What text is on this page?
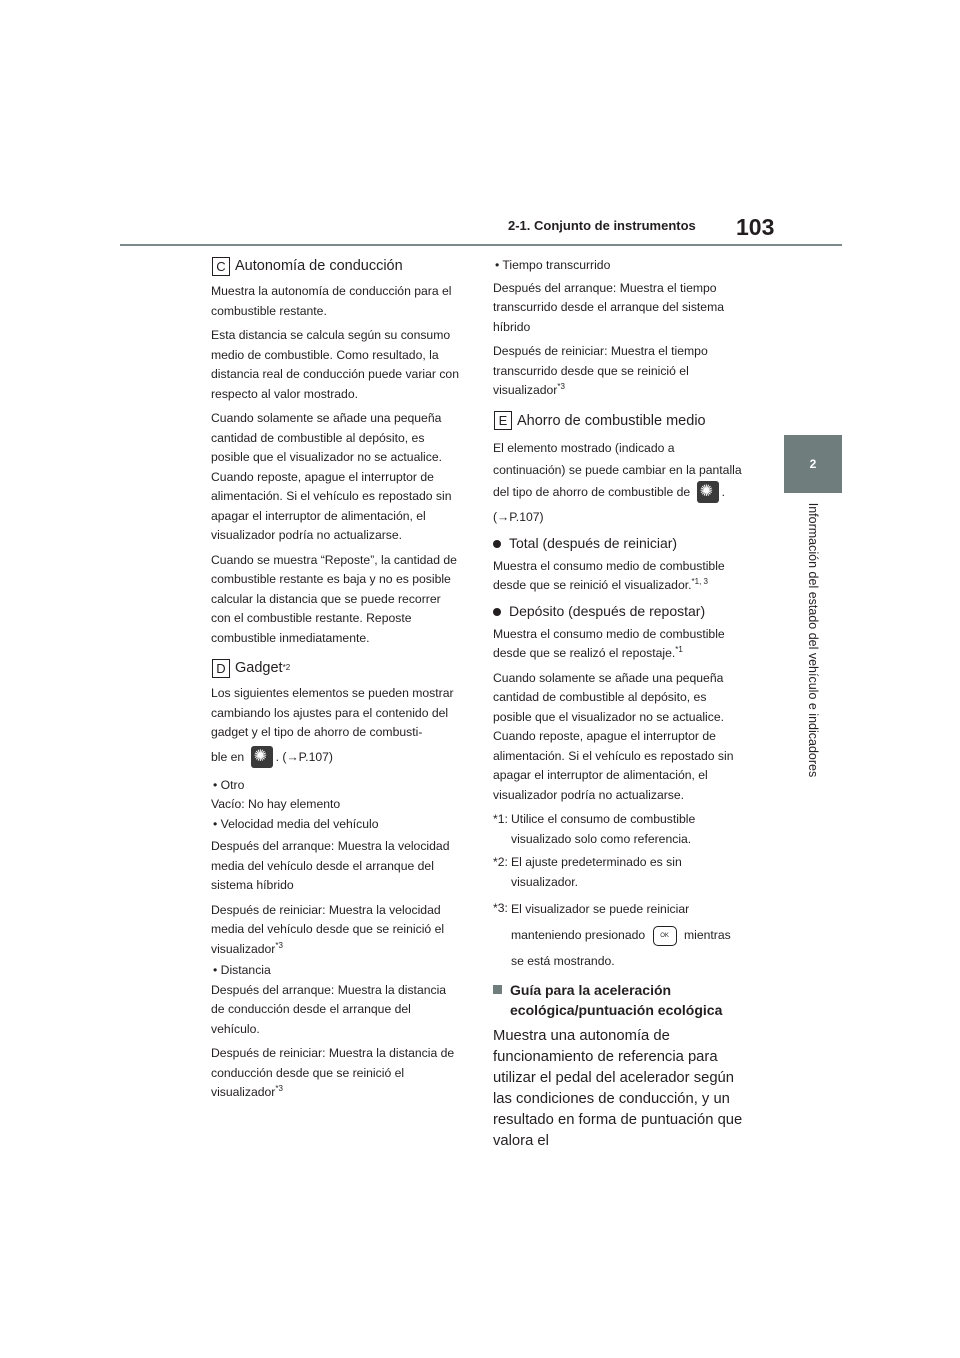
2-1. Conjunto de instrumentos 103
2
Información del estado del vehículo e indicadores
C Autonomía de conducción

Muestra la autonomía de conducción para el combustible restante.

Esta distancia se calcula según su consumo medio de combustible. Como resultado, la distancia real de conducción puede variar con respecto al valor mostrado.

Cuando solamente se añade una pequeña cantidad de combustible al depósito, es posible que el visualizador no se actualice. Cuando reposte, apague el interruptor de alimentación. Si el vehículo es repostado sin apagar el interruptor de alimentación, el visualizador podría no actualizarse.

Cuando se muestra “Reposte”, la cantidad de combustible restante es baja y no es posible calcular la distancia que se puede recorrer con el combustible restante. Reposte combustible inmediatamente.

D Gadget *2

Los siguientes elementos se pueden mostrar cambiando los ajustes para el contenido del gadget y el tipo de ahorro de combusti-

ble en ✺	. (→P.107)

• Otro

Vacío: No hay elemento

• Velocidad media del vehículo

Después del arranque: Muestra la velocidad media del vehículo desde el arranque del sistema híbrido

Después de reiniciar: Muestra la velocidad media del vehículo desde que se reinició el visualizador$^{*3}$

• Distancia

Después del arranque: Muestra la distancia de conducción desde el arranque del vehículo.

Después de reiniciar: Muestra la distancia de conducción desde que se reinició el visualizador$^{*3}$

• Tiempo transcurrido

Después del arranque: Muestra el tiempo transcurrido desde el arranque del sistema híbrido

Después de reiniciar: Muestra el tiempo transcurrido desde que se reinició el visualizador$^{*3}$

E Ahorro de combustible medio

El elemento mostrado (indicado a continuación) se puede cambiar en la pantalla del tipo de ahorro de combustible de ✺	.

(→P.107)

Total (después de reiniciar)

Muestra el consumo medio de combustible desde que se reinició el visualizador.$^{*1, 3}$

Depósito (después de repostar)

Muestra el consumo medio de combustible desde que se realizó el repostaje.$^{*1}$

Cuando solamente se añade una pequeña cantidad de combustible al depósito, es posible que el visualizador no se actualice. Cuando reposte, apague el interruptor de alimentación. Si el vehículo es repostado sin apagar el interruptor de alimentación, el visualizador podría no actualizarse.

*1: Utilice el consumo de combustible visualizado solo como referencia.
*2: El ajuste predeterminado es sin visualizador.
*3: El visualizador se puede reiniciar manteniendo presionado	OK mientras se está mostrando.
Guía para la aceleración ecológica/puntuación ecológica

Muestra una autonomía de funcionamiento de referencia para utilizar el pedal del acelerador según las condiciones de conducción, y un resultado en forma de puntuación que valora el
